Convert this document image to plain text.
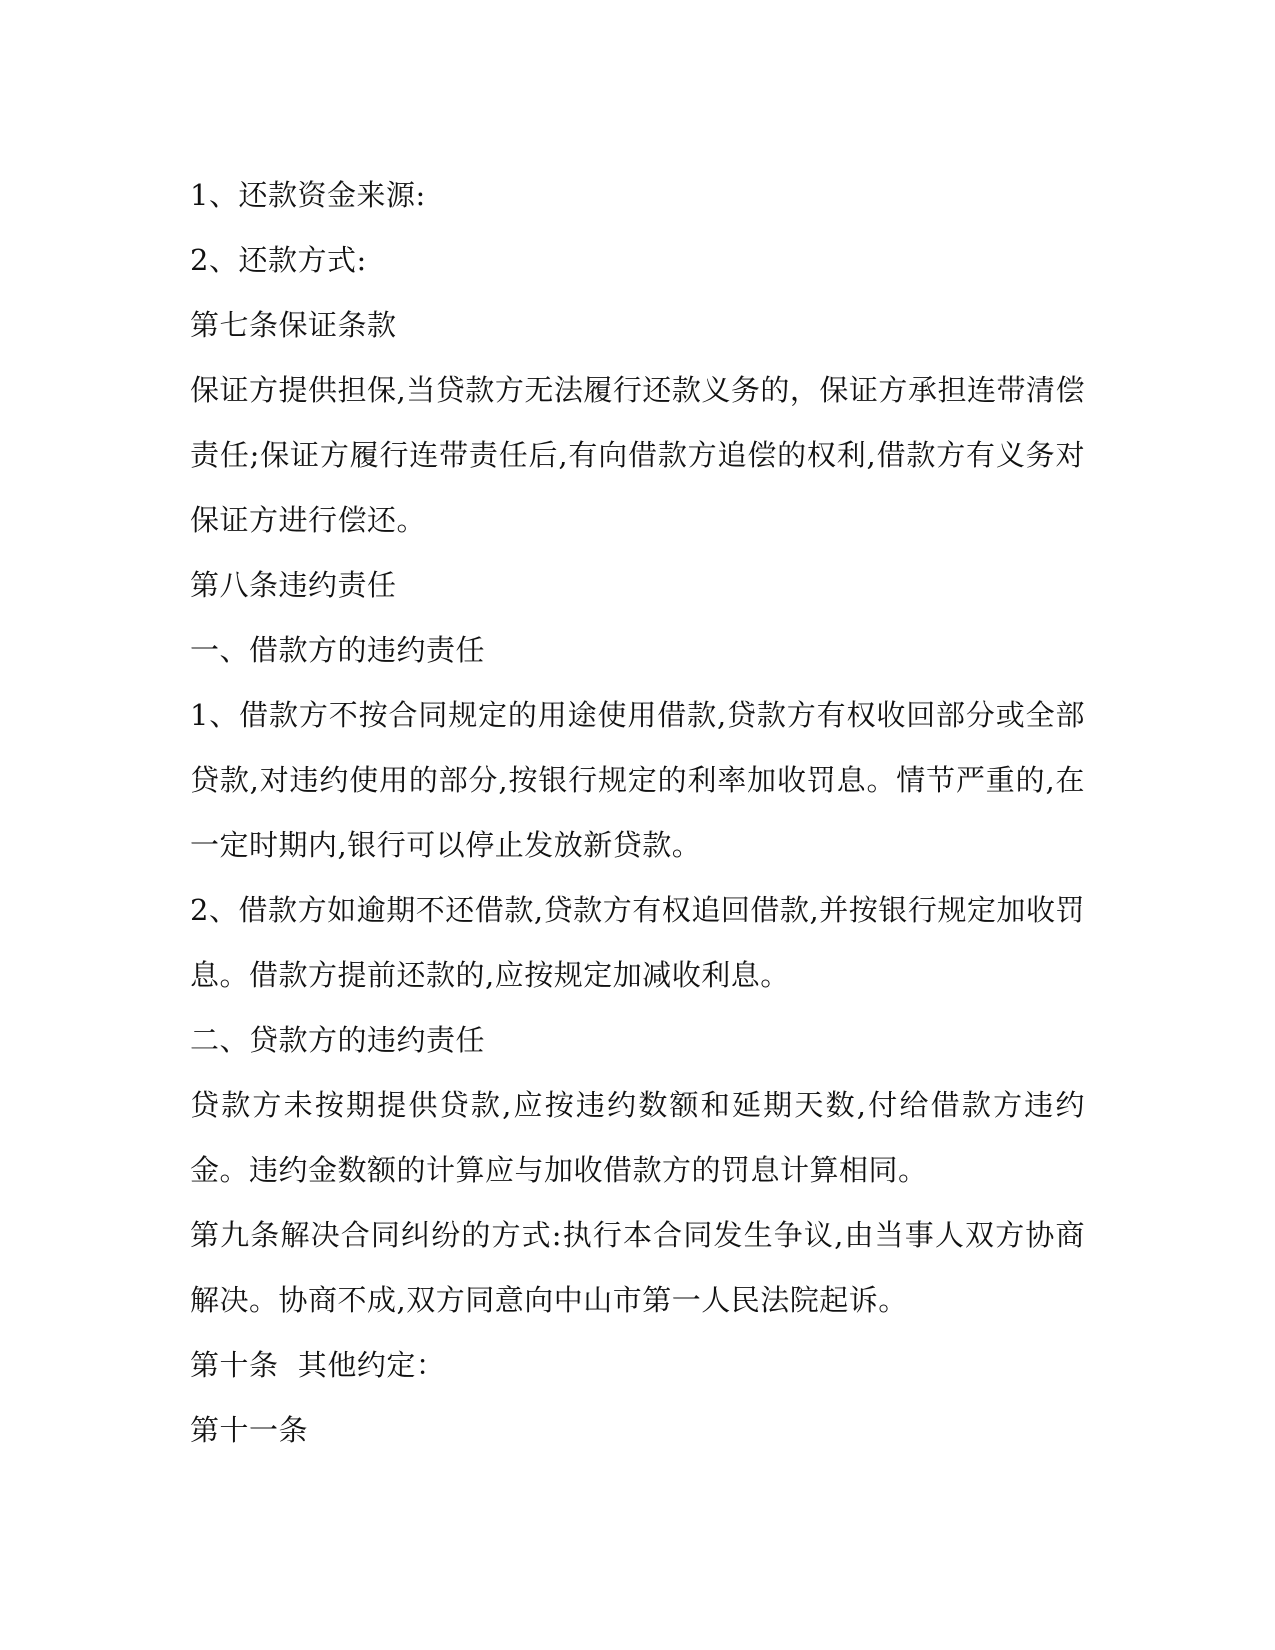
1、还款资金来源:

2、还款方式:

第七条保证条款

保证方提供担保,当贷款方无法履行还款义务的，保证方承担连带清偿责任;保证方履行连带责任后,有向借款方追偿的权利,借款方有义务对保证方进行偿还。

第八条违约责任

一、借款方的违约责任

1、借款方不按合同规定的用途使用借款,贷款方有权收回部分或全部贷款,对违约使用的部分,按银行规定的利率加收罚息。情节严重的,在一定时期内,银行可以停止发放新贷款。

2、借款方如逾期不还借款,贷款方有权追回借款,并按银行规定加收罚息。借款方提前还款的,应按规定加减收利息。

二、贷款方的违约责任

贷款方未按期提供贷款,应按违约数额和延期天数,付给借款方违约金。违约金数额的计算应与加收借款方的罚息计算相同。

第九条解决合同纠纷的方式:执行本合同发生争议,由当事人双方协商解决。协商不成,双方同意向中山市第一人民法院起诉。

第十条  其他约定：

第十一条
